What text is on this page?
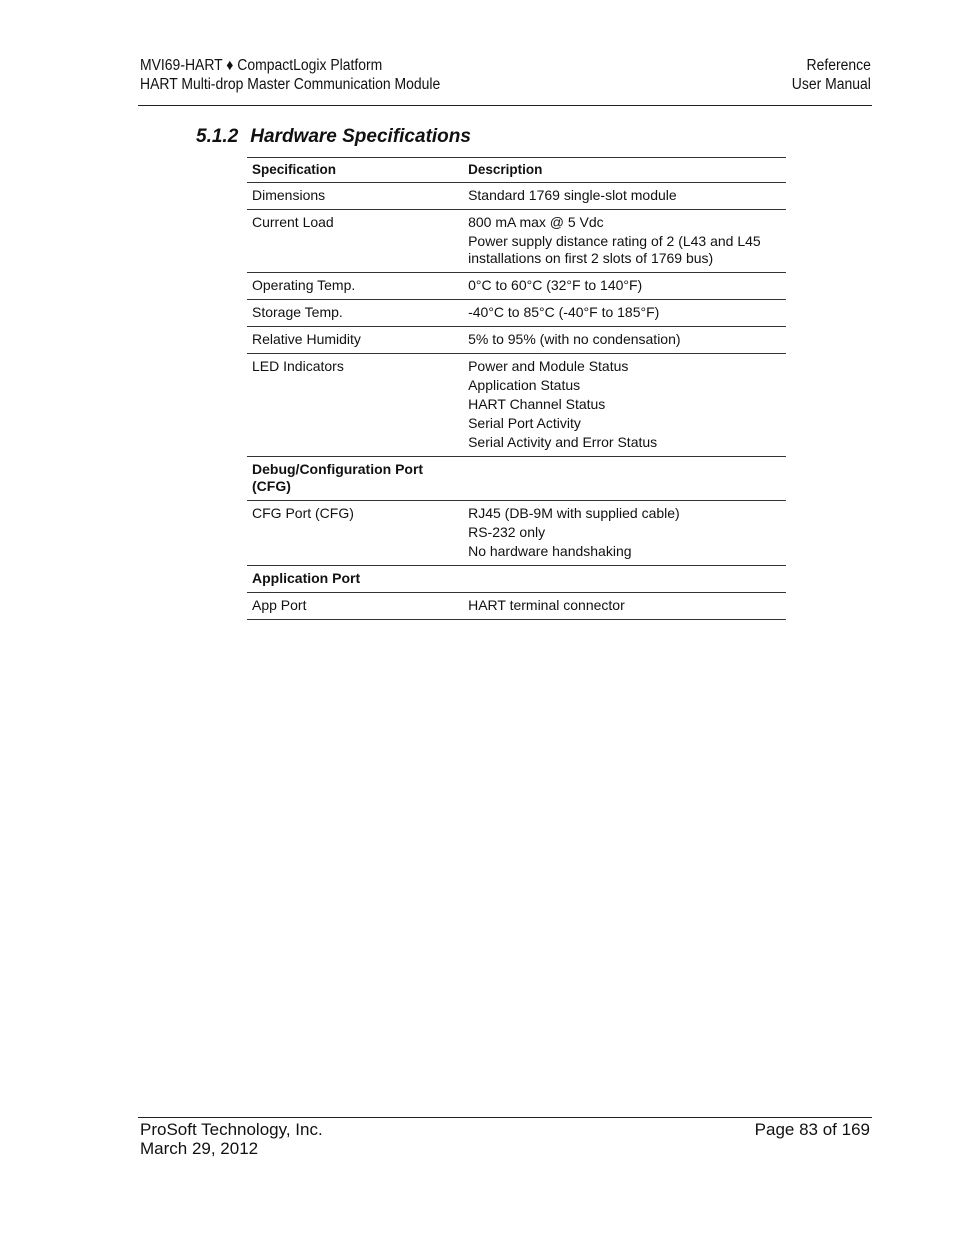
MVI69-HART ♦ CompactLogix Platform
HART Multi-drop Master Communication Module
Reference
User Manual
5.1.2 Hardware Specifications
Specification	Description
Dimensions	Standard 1769 single-slot module

Current Load	800 mA max @ 5 Vdc
Power supply distance rating of 2 (L43 and L45 installations on first 2 slots of 1769 bus)

Operating Temp.	0°C to 60°C (32°F to 140°F)

Storage Temp.	-40°C to 85°C (-40°F to 185°F)

Relative Humidity	5% to 95% (with no condensation)

LED Indicators	Power and Module Status
Application Status
HART Channel Status
Serial Port Activity
Serial Activity and Error Status

Debug/Configuration Port (CFG)	
CFG Port (CFG)	RJ45 (DB-9M with supplied cable)
RS-232 only
No hardware handshaking

Application Port	
App Port	HART terminal connector
ProSoft Technology, Inc.
March 29, 2012
Page 83 of 169
